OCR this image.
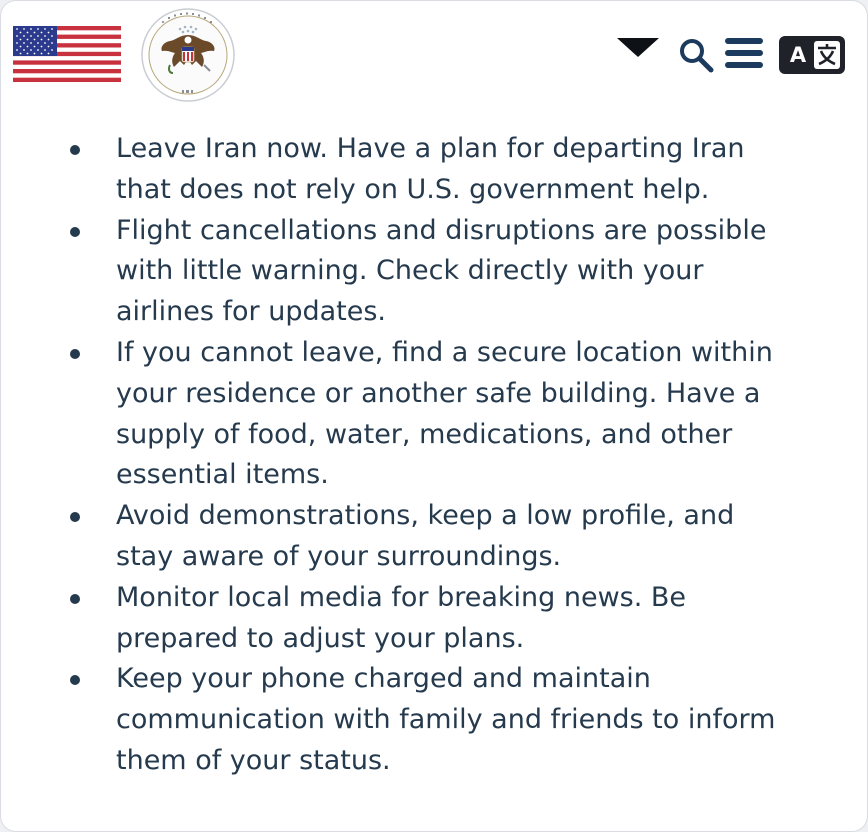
A
Leave Iran now. Have a plan for departing Iran that does not rely on U.S. government help.
Flight cancellations and disruptions are possible with little warning. Check directly with your airlines for updates.
If you cannot leave, find a secure location within your residence or another safe building. Have a supply of food, water, medications, and other essential items.
Avoid demonstrations, keep a low profile, and stay aware of your surroundings.
Monitor local media for breaking news. Be prepared to adjust your plans.
Keep your phone charged and maintain communication with family and friends to inform them of your status.
